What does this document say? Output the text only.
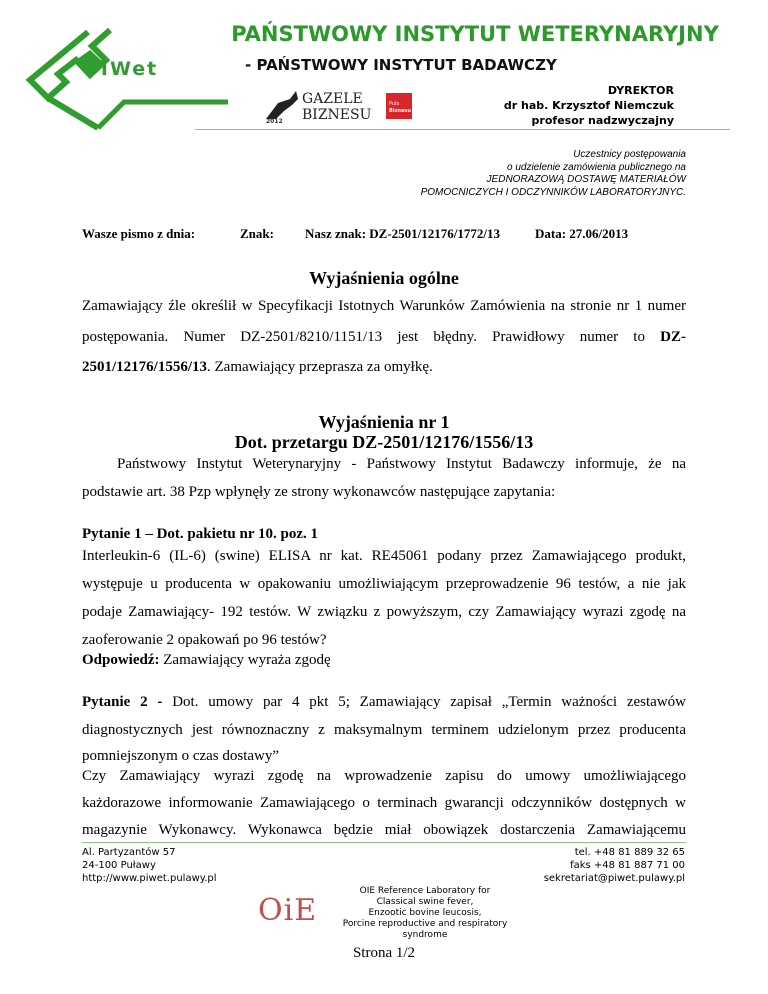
PIWet
PAŃSTWOWY INSTYTUT WETERYNARYJNY
- PAŃSTWOWY INSTYTUT BADAWCZY
2012
GAZELE
BIZNESU
Puls
Biznesu
DYREKTOR
dr hab. Krzysztof Niemczuk
profesor nadzwyczajny
Uczestnicy postępowania
o udzielenie zamówienia publicznego na
JEDNORAZOWĄ DOSTAWĘ MATERIAŁÓW
POMOCNICZYCH I ODCZYNNIKÓW LABORATORYJNYC.
Wasze pismo z dnia:	Znak: Nasz znak: DZ-2501/12176/1772/13	Data: 27.06/2013
Wyjaśnienia ogólne
Zamawiający źle określił w Specyfikacji Istotnych Warunków Zamówienia na stronie nr 1 numer postępowania. Numer DZ-2501/8210/1151/13 jest błędny. Prawidłowy numer to DZ-2501/12176/1556/13. Zamawiający przeprasza za omyłkę.
Wyjaśnienia nr 1
Dot. przetargu DZ-2501/12176/1556/13
Państwowy Instytut Weterynaryjny - Państwowy Instytut Badawczy informuje, że na
podstawie art. 38 Pzp wpłynęły ze strony wykonawców następujące zapytania:
Pytanie 1 – Dot. pakietu nr 10. poz. 1
Interleukin-6 (IL-6) (swine) ELISA nr kat. RE45061 podany przez Zamawiającego produkt,
występuje u producenta w opakowaniu umożliwiającym przeprowadzenie 96 testów, a nie jak
podaje Zamawiający- 192 testów. W związku z powyższym, czy Zamawiający wyrazi zgodę na
zaoferowanie 2 opakowań po 96 testów?
Odpowiedź: Zamawiający wyraża zgodę
Pytanie 2 - Dot. umowy par 4 pkt 5; Zamawiający zapisał „Termin ważności zestawów
diagnostycznych jest równoznaczny z maksymalnym terminem udzielonym przez producenta
pomniejszonym o czas dostawy”
Czy Zamawiający wyrazi zgodę na wprowadzenie zapisu do umowy umożliwiającego
każdorazowe informowanie Zamawiającego o terminach gwarancji odczynników dostępnych w
magazynie Wykonawcy. Wykonawca będzie miał obowiązek dostarczenia Zamawiającemu
Al. Partyzantów 57
24-100 Puławy
http://www.piwet.pulawy.pl
tel. +48 81 889 32 65
faks +48 81 887 71 00
sekretariat@piwet.pulawy.pl
OiE
OIE Reference Laboratory for
Classical swine fever,
Enzootic bovine leucosis,
Porcine reproductive and respiratory syndrome
Strona 1/2
